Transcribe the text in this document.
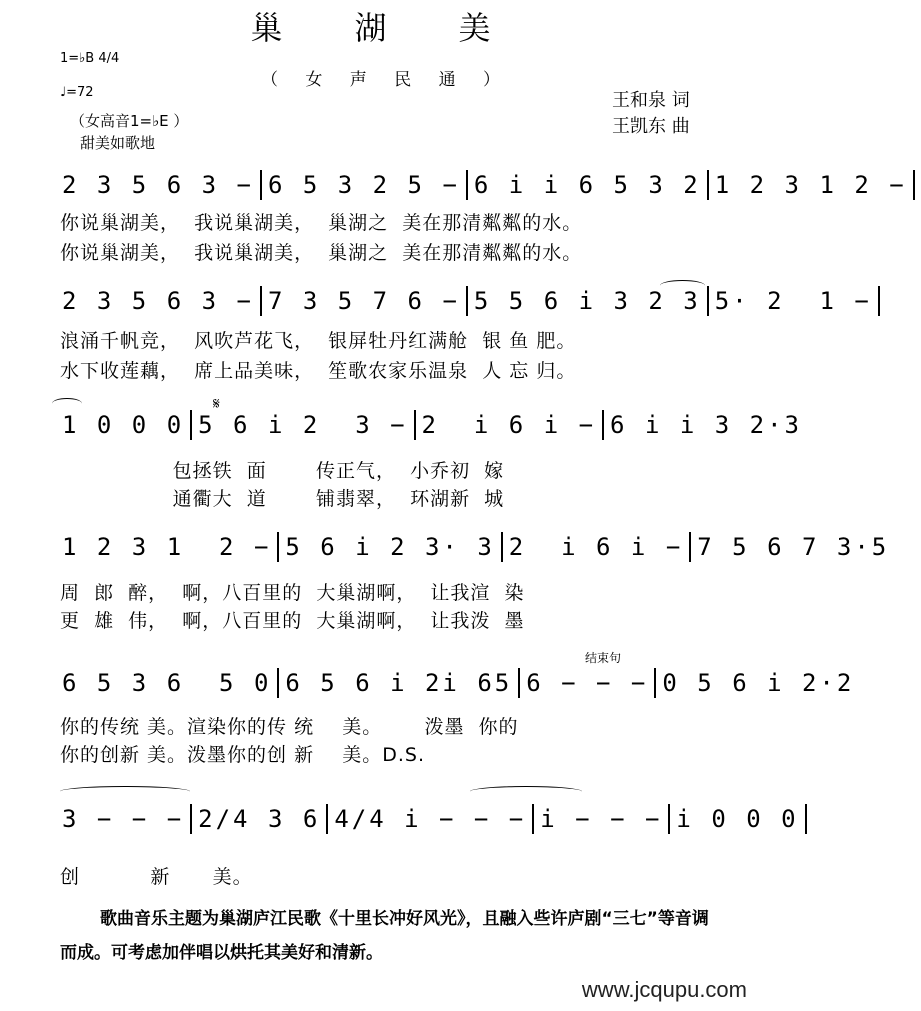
巢　湖　美
（ 女 声 民 通 ）
1=♭B 4/4
♩=72
（女高音1=♭E ）
甜美如歌地
王和泉 词
王凯东 曲
2 3 5 6 3 − 6 5 3 2 5 − 6 i i 6 5 3 2 1 2 3 1 2 −
你说巢湖美，  我说巢湖美，  巢湖之  美在那清粼粼的水。
你说巢湖美，  我说巢湖美，  巢湖之  美在那清粼粼的水。
2 3 5 6 3 − 7 3 5 7 6 − 5 5 6 i 3 2 3 5· 2  1 −
浪涌千帆竞，  风吹芦花飞，  银屏牡丹红满舱  银 鱼 肥。
水下收莲藕，  席上品美味，  笙歌农家乐温泉  人 忘 归。
𝄋
1 0 0 0 5 6 i 2  3 − 2  i 6 i − 6 i i 3 2·3
包拯铁  面       传正气，  小乔初  嫁
通衢大  道       铺翡翠，  环湖新  城
1 2 3 1  2 − 5 6 i 2 3· 3 2  i 6 i − 7 5 6 7 3·5
周  郎  醉，  啊，八百里的  大巢湖啊，  让我渲  染
更  雄  伟，  啊，八百里的  大巢湖啊，  让我泼  墨
结束句
6 5 3 6  5 0 6 5 6 i 2i 65 6 − − − 0 5 6 i 2·2
你的传统 美。渲染你的传 统    美。      泼墨  你的
你的创新 美。泼墨你的创 新    美。D.S.
3 − − − 2/4 3 6 4/4 i − − − i − − − i 0 0 0
创          新      美。
歌曲音乐主题为巢湖庐江民歌《十里长冲好风光》，且融入些许庐剧“三七”等音调而成。可考虑加伴唱以烘托其美好和清新。
www.jcqupu.com
